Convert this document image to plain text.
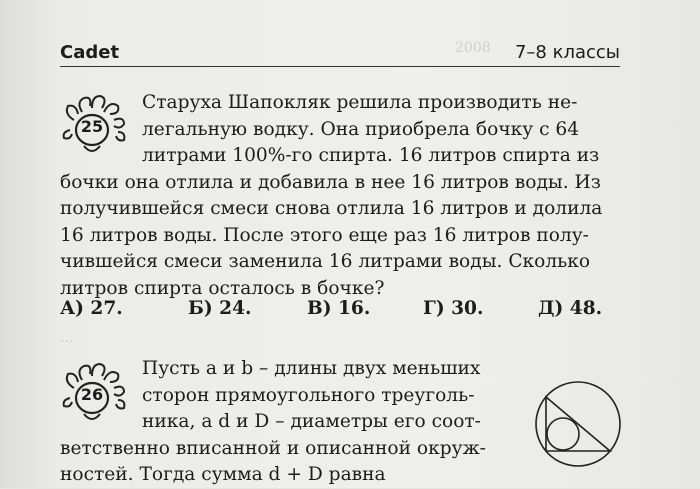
2008
...
Cadet	7–8 классы
25
Старуха Шапокляк решила производить не-
легальную водку. Она приобрела бочку с 64
литрами 100%-го спирта. 16 литров спирта из
бочки она отлила и добавила в нее 16 литров воды. Из
получившейся смеси снова отлила 16 литров и долила
16 литров воды. После этого еще раз 16 литров полу-
чившейся смеси заменила 16 литрами воды. Сколько
литров спирта осталось в бочке?
А) 27.	Б) 24.	В) 16.	Г) 30.	Д) 48.
26
Пусть a и b – длины двух меньших
сторон прямоугольного треуголь-
ника, а d и D – диаметры его соот-
ветственно вписанной и описанной окруж-
ностей. Тогда сумма d + D равна
